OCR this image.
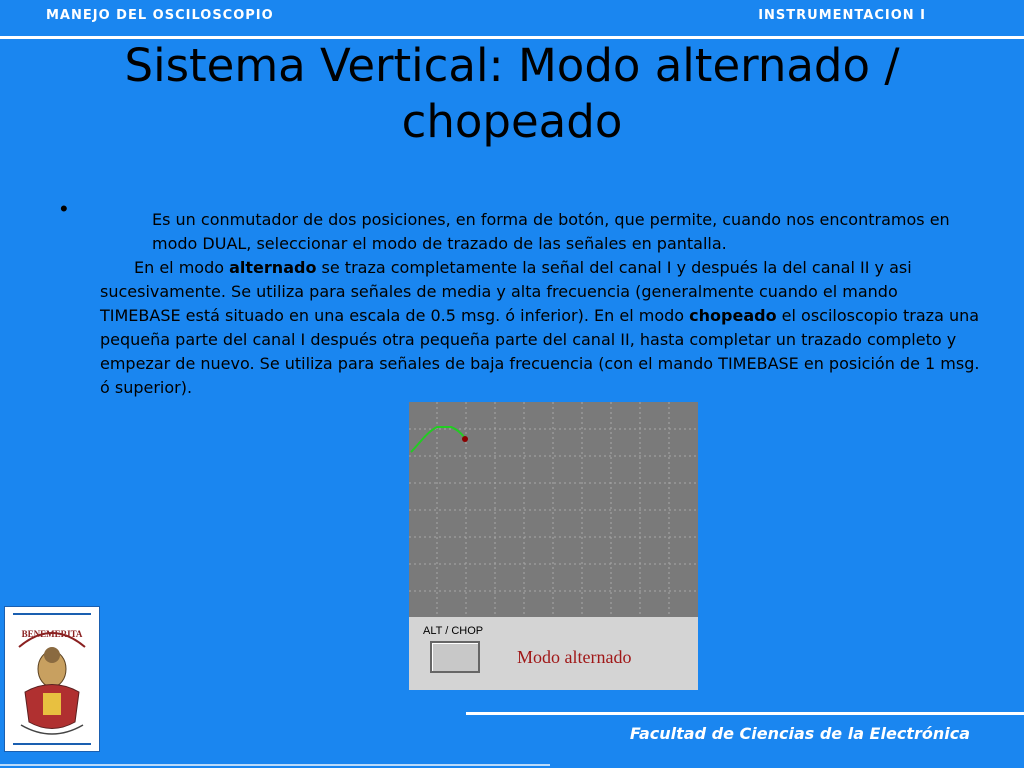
MANEJO DEL OSCILOSCOPIO	INSTRUMENTACION I
Sistema Vertical: Modo alternado /
chopeado
•	Es un conmutador de dos posiciones, en forma de botón, que permite, cuando nos encontramos en modo DUAL, seleccionar el modo de trazado de las señales en pantalla.
En el modo alternado se traza completamente la señal del canal I y después la del canal II y asi sucesivamente. Se utiliza para señales de media y alta frecuencia (generalmente cuando el mando TIMEBASE está situado en una escala de 0.5 msg. ó inferior). En el modo chopeado el osciloscopio traza una pequeña parte del canal I después otra pequeña parte del canal II, hasta completar un trazado completo y empezar de nuevo. Se utiliza para señales de baja frecuencia (con el mando TIMEBASE en posición de 1 msg. ó superior).
ALT / CHOP
Modo alternado
BENEMERITA
Facultad de Ciencias de la Electrónica
